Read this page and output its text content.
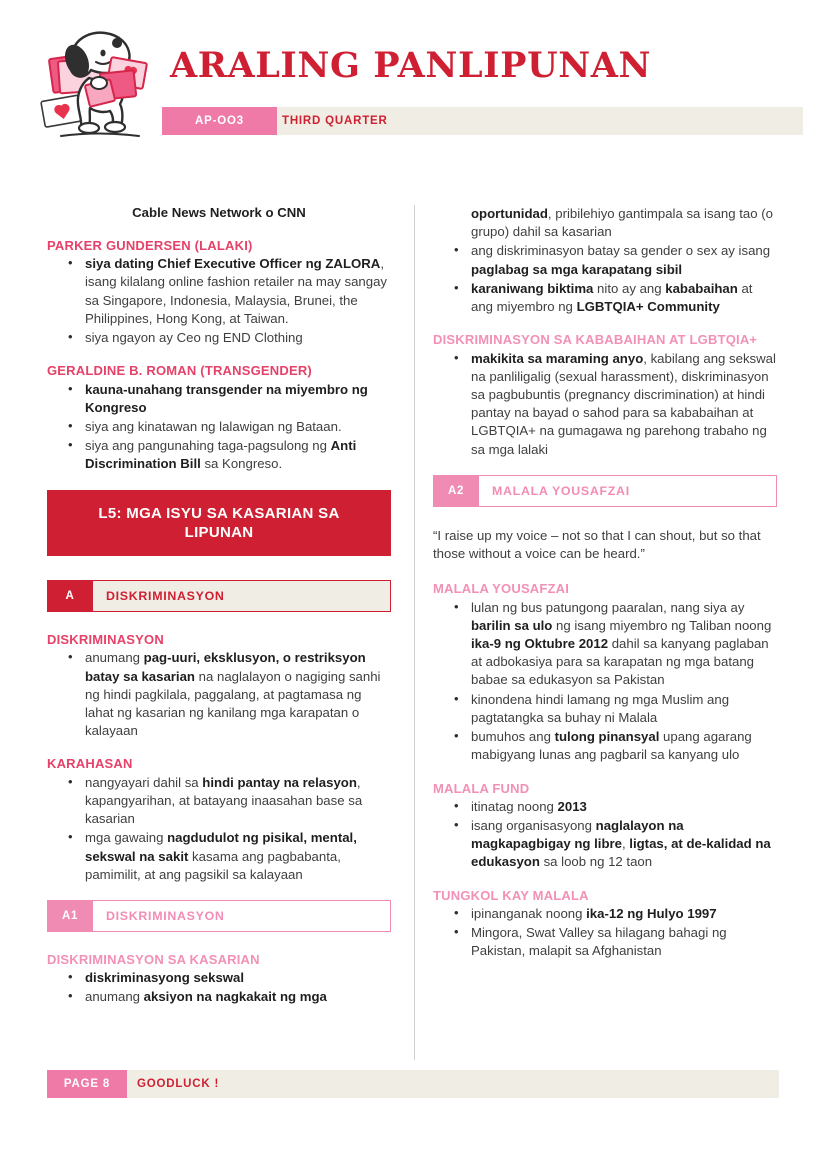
ARALING PANLIPUNAN
AP-OO3	THIRD QUARTER
Cable News Network o CNN
PARKER GUNDERSEN (LALAKI)
• siya dating Chief Executive Officer ng ZALORA, isang kilalang online fashion retailer na may sangay sa Singapore, Indonesia, Malaysia, Brunei, the Philippines, Hong Kong, at Taiwan.
• siya ngayon ay Ceo ng END Clothing
GERALDINE B. ROMAN (TRANSGENDER)
• kauna-unahang transgender na miyembro ng Kongreso
• siya ang kinatawan ng lalawigan ng Bataan.
• siya ang pangunahing taga-pagsulong ng Anti Discrimination Bill sa Kongreso.
L5: MGA ISYU SA KASARIAN SA LIPUNAN
A	DISKRIMINASYON
DISKRIMINASYON
• anumang pag-uuri, eksklusyon, o restriksyon batay sa kasarian na naglalayon o nagiging sanhi ng hindi pagkilala, paggalang, at pagtamasa ng lahat ng kasarian ng kanilang mga karapatan o kalayaan
KARAHASAN
• nangyayari dahil sa hindi pantay na relasyon, kapangyarihan, at batayang inaasahan base sa kasarian
• mga gawaing nagdudulot ng pisikal, mental, sekswal na sakit kasama ang pagbabanta, pamimilit, at ang pagsikil sa kalayaan
A1	DISKRIMINASYON
DISKRIMINASYON SA KASARIAN
• diskriminasyong sekswal
• anumang aksiyon na nagkakait ng mga
oportunidad, pribilehiyo gantimpala sa isang tao (o grupo) dahil sa kasarian
• ang diskriminasyon batay sa gender o sex ay isang paglabag sa mga karapatang sibil
• karaniwang biktima nito ay ang kababaihan at ang miyembro ng LGBTQIA+ Community
DISKRIMINASYON SA KABABAIHAN AT LGBTQIA+
• makikita sa maraming anyo, kabilang ang sekswal na panliligalig (sexual harassment), diskriminasyon sa pagbubuntis (pregnancy discrimination) at hindi pantay na bayad o sahod para sa kababaihan at LGBTQIA+ na gumagawa ng parehong trabaho ng sa mga lalaki
A2	MALALA YOUSAFZAI
“I raise up my voice – not so that I can shout, but so that those without a voice can be heard.”
MALALA YOUSAFZAI
• lulan ng bus patungong paaralan, nang siya ay barilin sa ulo ng isang miyembro ng Taliban noong ika-9 ng Oktubre 2012 dahil sa kanyang paglaban at adbokasiya para sa karapatan ng mga batang babae sa edukasyon sa Pakistan
• kinondena hindi lamang ng mga Muslim ang pagtatangka sa buhay ni Malala
• bumuhos ang tulong pinansyal upang agarang mabigyang lunas ang pagbaril sa kanyang ulo
MALALA FUND
• itinatag noong 2013
• isang organisasyong naglalayon na magkapagbigay ng libre, ligtas, at de-kalidad na edukasyon sa loob ng 12 taon
TUNGKOL KAY MALALA
• ipinanganak noong ika-12 ng Hulyo 1997
• Mingora, Swat Valley sa hilagang bahagi ng Pakistan, malapit sa Afghanistan
PAGE 8	GOODLUCK !
